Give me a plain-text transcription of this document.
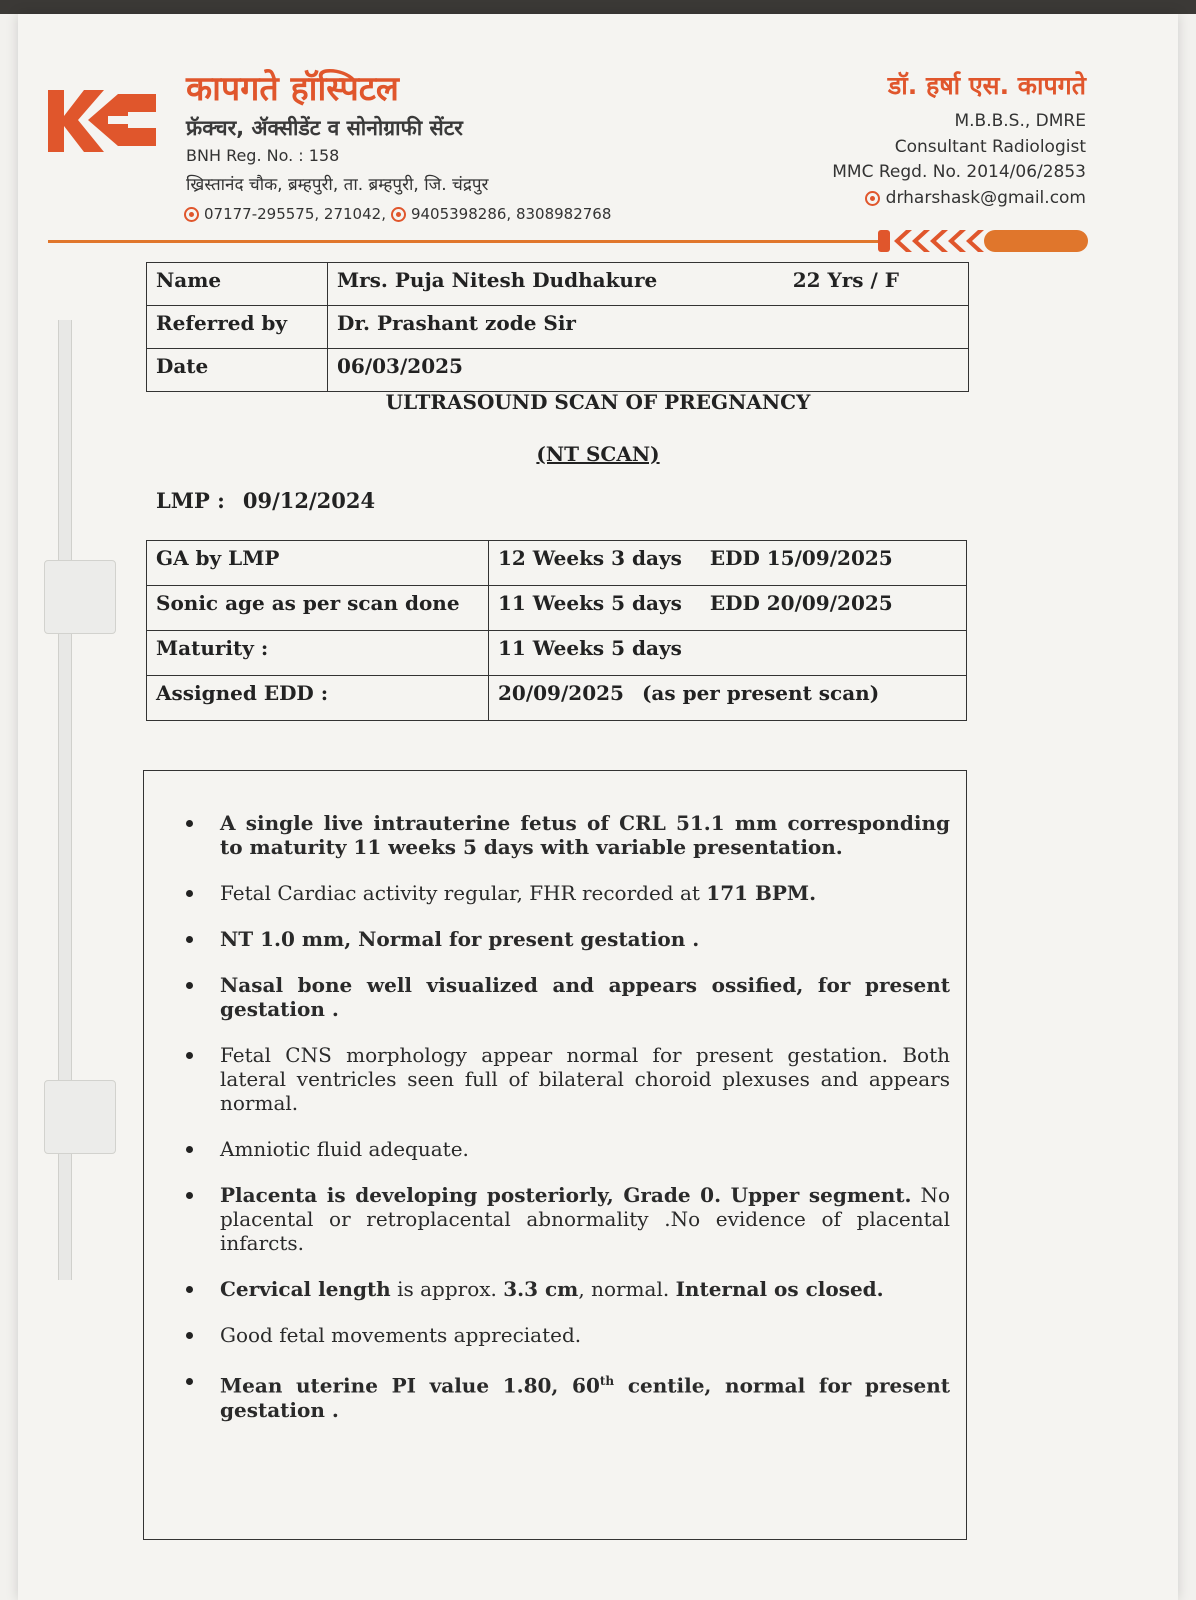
कापगते हॉस्पिटल
फ्रॅक्चर, ॲक्सीडेंट व सोनोग्राफी सेंटर
BNH Reg. No. : 158
ख्रिस्तानंद चौक, ब्रम्हपुरी, ता. ब्रम्हपुरी, जि. चंद्रपुर
07177-295575, 271042, 9405398286, 8308982768
डॉ. हर्षा एस. कापगते
M.B.B.S., DMRE
Consultant Radiologist
MMC Regd. No. 2014/06/2853
drharshask@gmail.com
Name	Mrs. Puja Nitesh Dudhakure 22 Yrs / F

Referred by	Dr. Prashant zode Sir
Date	06/03/2025
ULTRASOUND SCAN OF PREGNANCY
(NT SCAN)
LMP : 09/12/2024
GA by LMP	12 Weeks 3 days EDD 15/09/2025
Sonic age as per scan done	11 Weeks 5 days EDD 20/09/2025
Maturity :	11 Weeks 5 days
Assigned EDD :	20/09/2025 (as per present scan)
A single live intrauterine fetus of CRL 51.1 mm corresponding to maturity 11 weeks 5 days with variable presentation.
Fetal Cardiac activity regular, FHR recorded at 171 BPM.
NT 1.0 mm, Normal for present gestation .
Nasal bone well visualized and appears ossified, for present gestation .
Fetal CNS morphology appear normal for present gestation. Both lateral ventricles seen full of bilateral choroid plexuses and appears normal.
Amniotic fluid adequate.
Placenta is developing posteriorly, Grade 0. Upper segment. No placental or retroplacental abnormality .No evidence of placental infarcts.
Cervical length is approx. 3.3 cm, normal. Internal os closed.
Good fetal movements appreciated.
Mean uterine PI value 1.80, 60th centile, normal for present gestation .
